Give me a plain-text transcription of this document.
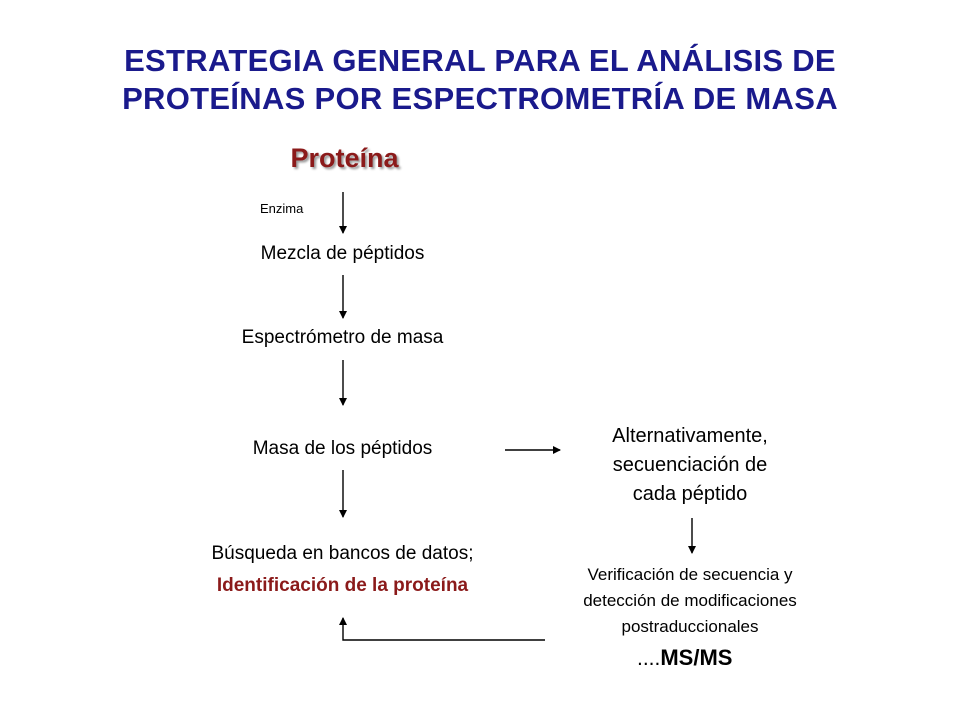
ESTRATEGIA GENERAL PARA EL ANÁLISIS DE
PROTEÍNAS POR ESPECTROMETRÍA DE MASA
Proteína
Enzima
Mezcla de péptidos
Espectrómetro de masa
Masa de los péptidos
Búsqueda en bancos de datos;
Identificación de la proteína
Alternativamente,
secuenciación de
cada péptido
Verificación de secuencia y
detección de modificaciones
postraduccionales
....MS/MS
